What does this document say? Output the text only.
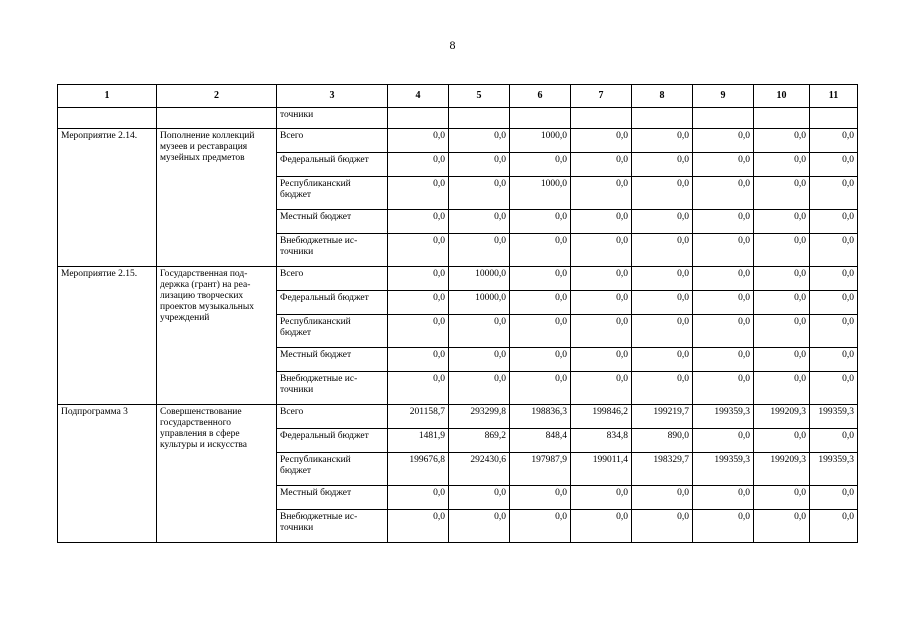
8
1	2	3	4	5	6	7	8	9	10	11
		точники								
Мероприятие 2.14.	Пополнение коллекций музеев и реставрация музейных предметов	Всего	0,0	0,0	1000,0	0,0	0,0	0,0	0,0	0,0
		Федеральный бюджет	0,0	0,0	0,0	0,0	0,0	0,0	0,0	0,0
		Республиканский бюджет	0,0	0,0	1000,0	0,0	0,0	0,0	0,0	0,0
		Местный бюджет	0,0	0,0	0,0	0,0	0,0	0,0	0,0	0,0
		Внебюджетные ис-точники	0,0	0,0	0,0	0,0	0,0	0,0	0,0	0,0
Мероприятие 2.15.	Государственная под-держка (грант) на реа-лизацию творческих проектов музыкальных учреждений	Всего	0,0	10000,0	0,0	0,0	0,0	0,0	0,0	0,0
		Федеральный бюджет	0,0	10000,0	0,0	0,0	0,0	0,0	0,0	0,0
		Республиканский бюджет	0,0	0,0	0,0	0,0	0,0	0,0	0,0	0,0
		Местный бюджет	0,0	0,0	0,0	0,0	0,0	0,0	0,0	0,0
		Внебюджетные ис-точники	0,0	0,0	0,0	0,0	0,0	0,0	0,0	0,0
Подпрограмма 3	Совершенствование государственного управления в сфере культуры и искусства	Всего	201158,7	293299,8	198836,3	199846,2	199219,7	199359,3	199209,3	199359,3
		Федеральный бюджет	1481,9	869,2	848,4	834,8	890,0	0,0	0,0	0,0
		Республиканский бюджет	199676,8	292430,6	197987,9	199011,4	198329,7	199359,3	199209,3	199359,3
		Местный бюджет	0,0	0,0	0,0	0,0	0,0	0,0	0,0	0,0
		Внебюджетные ис-точники	0,0	0,0	0,0	0,0	0,0	0,0	0,0	0,0
